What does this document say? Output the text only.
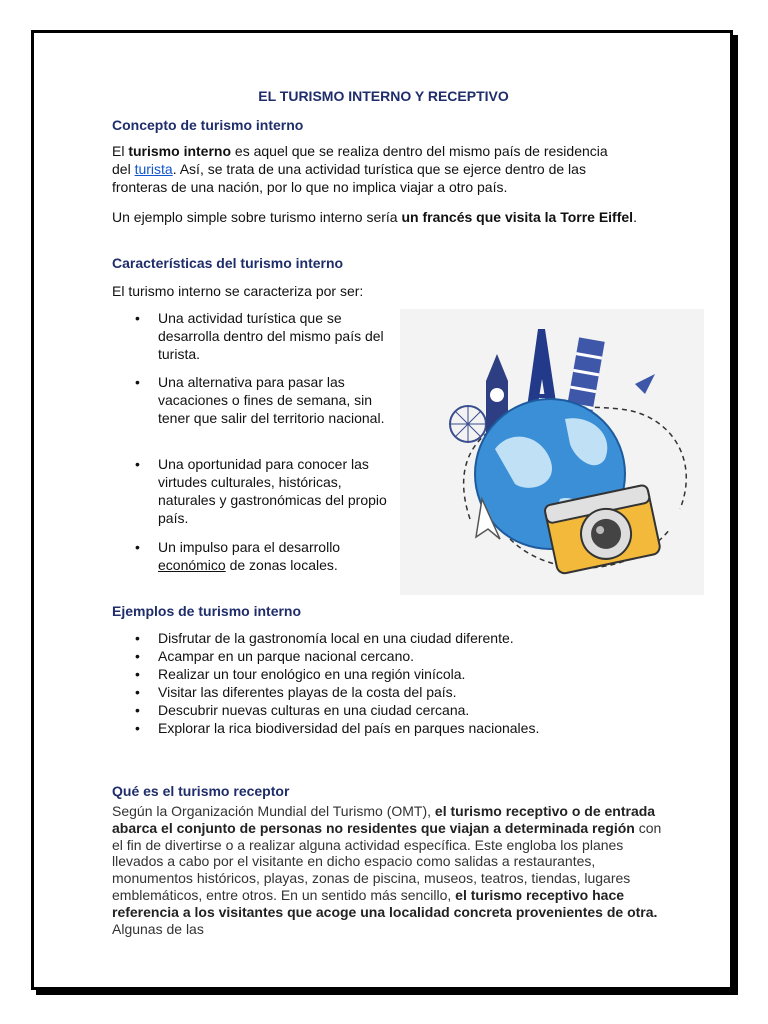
EL TURISMO INTERNO Y RECEPTIVO
Concepto de turismo interno
El turismo interno es aquel que se realiza dentro del mismo país de residencia del turista. Así, se trata de una actividad turística que se ejerce dentro de las fronteras de una nación, por lo que no implica viajar a otro país.
Un ejemplo simple sobre turismo interno sería un francés que visita la Torre Eiffel.
Características del turismo interno
El turismo interno se caracteriza por ser:
• Una actividad turística que se desarrolla dentro del mismo país del turista.
• Una alternativa para pasar las vacaciones o fines de semana, sin tener que salir del territorio nacional.
• Una oportunidad para conocer las virtudes culturales, históricas, naturales y gastronómicas del propio país.
• Un impulso para el desarrollo económico de zonas locales.
Ejemplos de turismo interno
• Disfrutar de la gastronomía local en una ciudad diferente.
• Acampar en un parque nacional cercano.
• Realizar un tour enológico en una región vinícola.
• Visitar las diferentes playas de la costa del país.
• Descubrir nuevas culturas en una ciudad cercana.
• Explorar la rica biodiversidad del país en parques nacionales.
Qué es el turismo receptor
Según la Organización Mundial del Turismo (OMT), el turismo receptivo o de entrada abarca el conjunto de personas no residentes que viajan a determinada región con el fin de divertirse o a realizar alguna actividad específica. Este engloba los planes llevados a cabo por el visitante en dicho espacio como salidas a restaurantes, monumentos históricos, playas, zonas de piscina, museos, teatros, tiendas, lugares emblemáticos, entre otros. En un sentido más sencillo, el turismo receptivo hace referencia a los visitantes que acoge una localidad concreta provenientes de otra. Algunas de las
